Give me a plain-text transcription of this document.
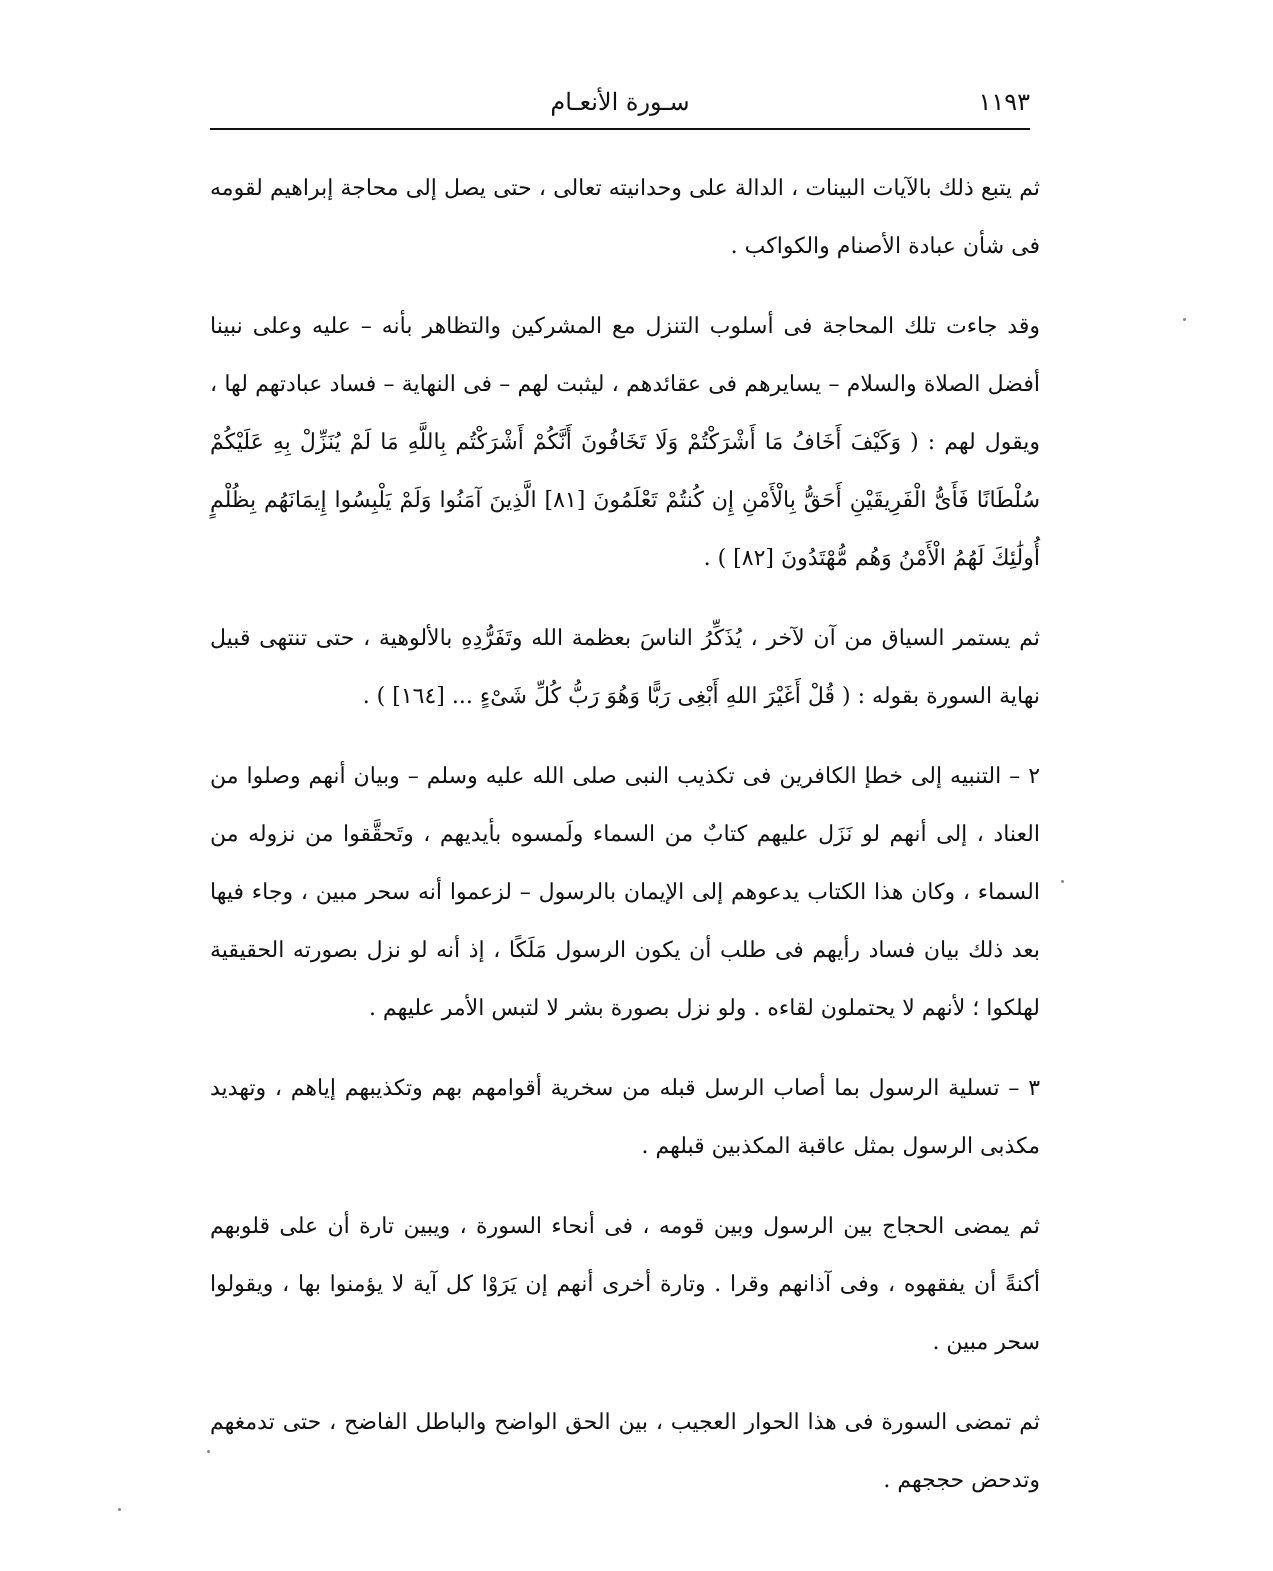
سـورة الأنعـام	١١٩٣

ثم يتبع ذلك بالآيات البينات ، الدالة على وحدانيته تعالى ، حتى يصل إلى محاجة إبراهيم لقومه فى شأن عبادة الأصنام والكواكب .

وقد جاءت تلك المحاجة فى أسلوب التنزل مع المشركين والتظاهر بأنه – عليه وعلى نبينا أفضل الصلاة والسلام – يسايرهم فى عقائدهم ، ليثبت لهم – فى النهاية – فساد عبادتهم لها ، ويقول لهم : ( وَكَيْفَ أَخَافُ مَا أَشْرَكْتُمْ وَلَا تَخَافُونَ أَنَّكُمْ أَشْرَكْتُم بِاللَّهِ مَا لَمْ يُنَزِّلْ بِهِ عَلَيْكُمْ سُلْطَانًا فَأَىُّ الْفَرِيقَيْنِ أَحَقُّ بِالْأَمْنِ إِن كُنتُمْ تَعْلَمُونَ [٨١] الَّذِينَ آمَنُوا وَلَمْ يَلْبِسُوا إِيمَانَهُم بِظُلْمٍ أُولَٰئِكَ لَهُمُ الْأَمْنُ وَهُم مُّهْتَدُونَ [٨٢] ) .

ثم يستمر السياق من آن لآخر ، يُذَكِّرُ الناسَ بعظمة الله وتَفَرُّدِهِ بالألوهية ، حتى تنتهى قبيل نهاية السورة بقوله : ( قُلْ أَغَيْرَ اللهِ أَبْغِى رَبًّا وَهُوَ رَبُّ كُلِّ شَىْءٍ ... [١٦٤] ) .

٢ – التنبيه إلى خطإ الكافرين فى تكذيب النبى صلى الله عليه وسلم – وبيان أنهم وصلوا من العناد ، إلى أنهم لو نَزَل عليهم كتابٌ من السماء ولَمسوه بأيديهم ، وتَحقَّقوا من نزوله من السماء ، وكان هذا الكتاب يدعوهم إلى الإيمان بالرسول – لزعموا أنه سحر مبين ، وجاء فيها بعد ذلك بيان فساد رأيهم فى طلب أن يكون الرسول مَلَكًا ، إذ أنه لو نزل بصورته الحقيقية لهلكوا ؛ لأنهم لا يحتملون لقاءه . ولو نزل بصورة بشر لا لتبس الأمر عليهم .

٣ – تسلية الرسول بما أصاب الرسل قبله من سخرية أقوامهم بهم وتكذيبهم إياهم ، وتهديد مكذبى الرسول بمثل عاقبة المكذبين قبلهم .

ثم يمضى الحجاج بين الرسول وبين قومه ، فى أنحاء السورة ، ويبين تارة أن على قلوبهم أكنةً أن يفقهوه ، وفى آذانهم وقرا . وتارة أخرى أنهم إن يَرَوْا كل آية لا يؤمنوا بها ، ويقولوا سحر مبين .

ثم تمضى السورة فى هذا الحوار العجيب ، بين الحق الواضح والباطل الفاضح ، حتى تدمغهم وتدحض حججهم .
